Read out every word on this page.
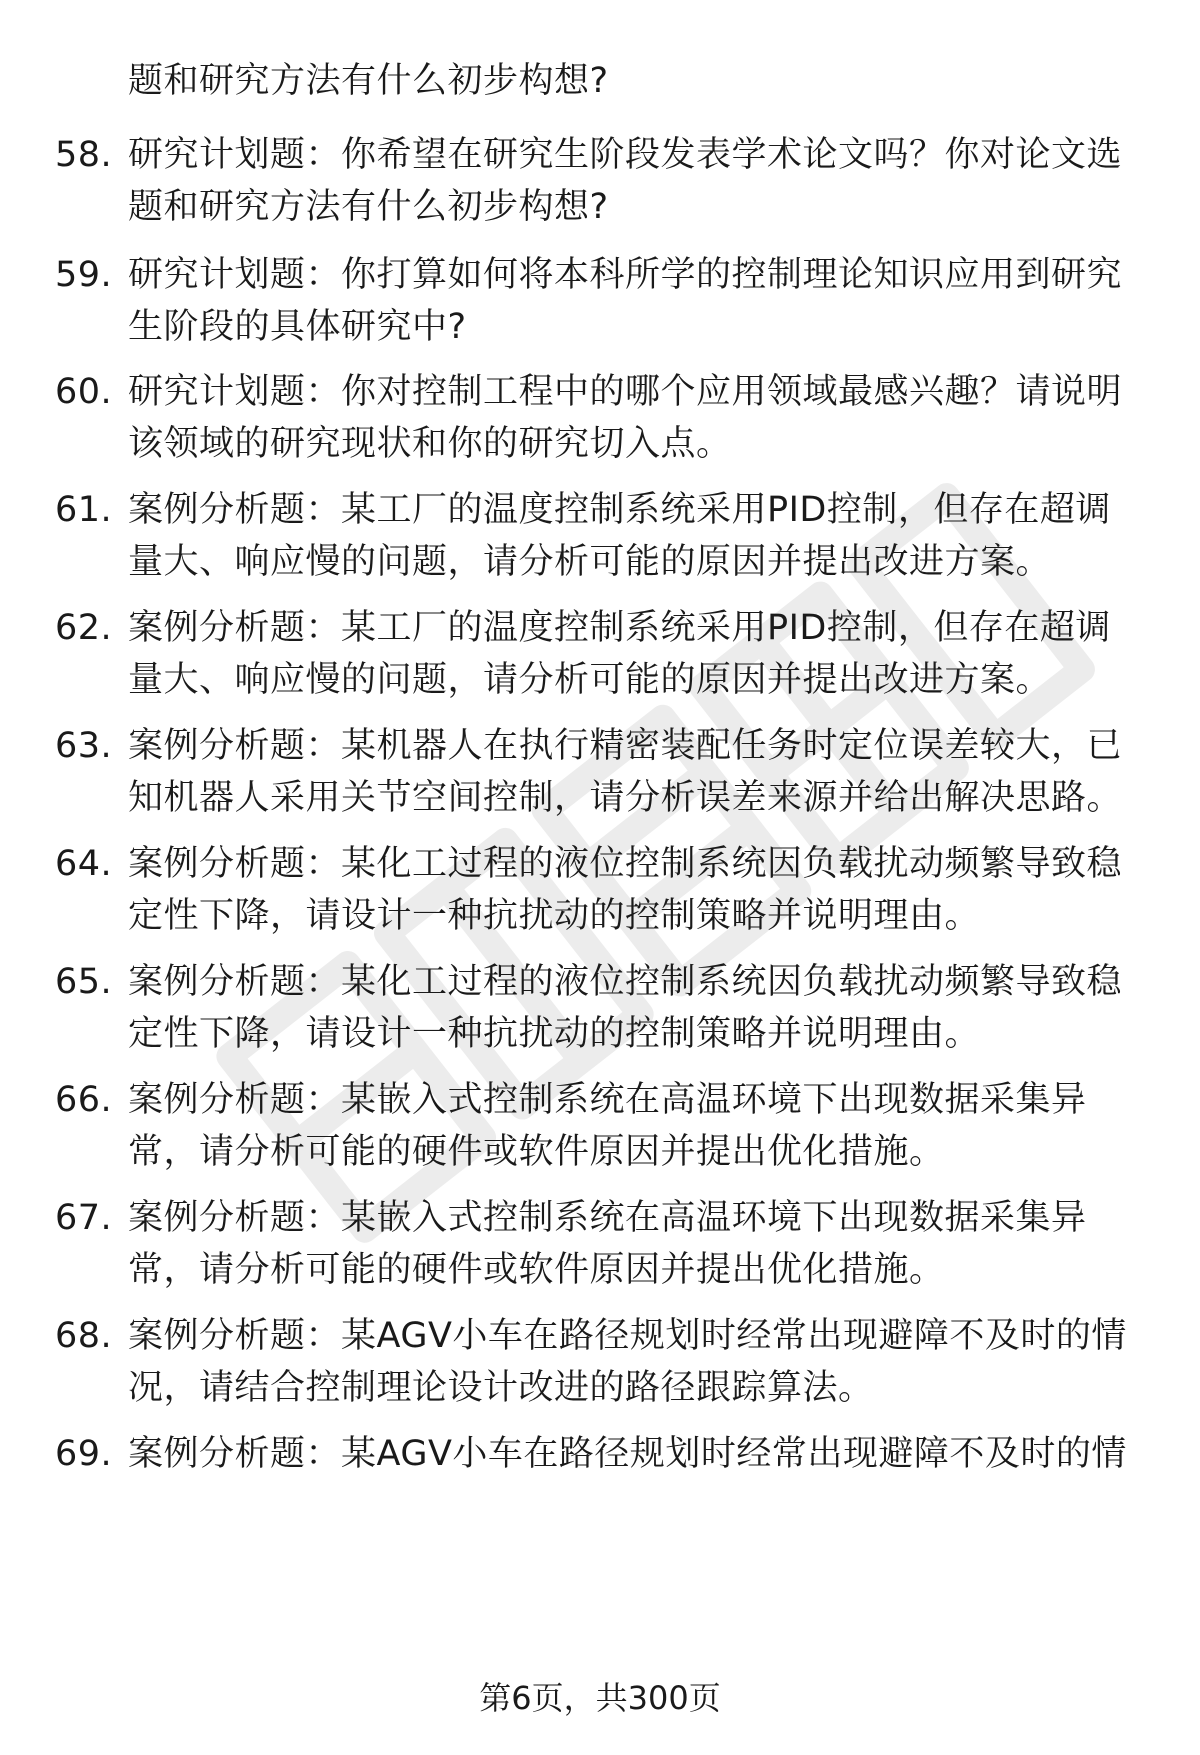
题和研究方法有什么初步构想?
58. 研究计划题：你希望在研究生阶段发表学术论文吗？你对论文选
题和研究方法有什么初步构想?
59. 研究计划题：你打算如何将本科所学的控制理论知识应用到研究
生阶段的具体研究中?
60. 研究计划题：你对控制工程中的哪个应用领域最感兴趣？请说明
该领域的研究现状和你的研究切入点。
61. 案例分析题：某工厂的温度控制系统采用PID控制，但存在超调
量大、响应慢的问题，请分析可能的原因并提出改进方案。
62. 案例分析题：某工厂的温度控制系统采用PID控制，但存在超调
量大、响应慢的问题，请分析可能的原因并提出改进方案。
63. 案例分析题：某机器人在执行精密装配任务时定位误差较大，已
知机器人采用关节空间控制，请分析误差来源并给出解决思路。
64. 案例分析题：某化工过程的液位控制系统因负载扰动频繁导致稳
定性下降，请设计一种抗扰动的控制策略并说明理由。
65. 案例分析题：某化工过程的液位控制系统因负载扰动频繁导致稳
定性下降，请设计一种抗扰动的控制策略并说明理由。
66. 案例分析题：某嵌入式控制系统在高温环境下出现数据采集异
常，请分析可能的硬件或软件原因并提出优化措施。
67. 案例分析题：某嵌入式控制系统在高温环境下出现数据采集异
常，请分析可能的硬件或软件原因并提出优化措施。
68. 案例分析题：某AGV小车在路径规划时经常出现避障不及时的情
况，请结合控制理论设计改进的路径跟踪算法。
69. 案例分析题：某AGV小车在路径规划时经常出现避障不及时的情
第6页，共300页
